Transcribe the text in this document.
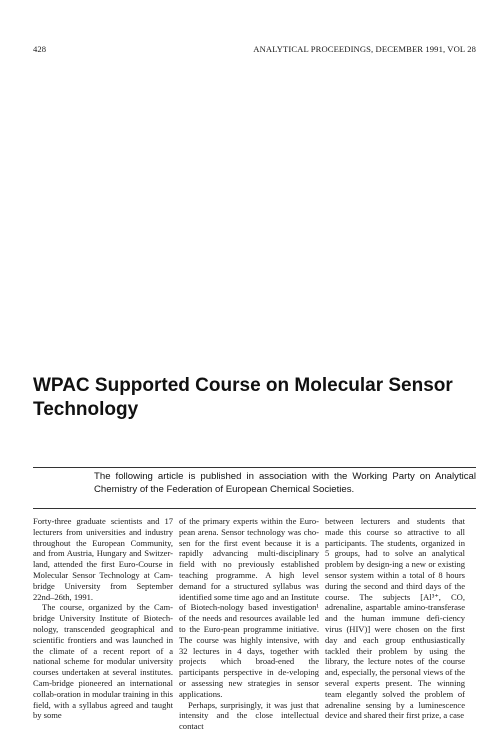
428	ANALYTICAL PROCEEDINGS, DECEMBER 1991, VOL 28
WPAC Supported Course on Molecular Sensor Technology

The following article is published in association with the Working Party on Analytical Chemistry of the Federation of European Chemical Societies.

Forty-three graduate scientists and 17 lecturers from universities and industry throughout the European Community, and from Austria, Hungary and Switzer-land, attended the first Euro-Course in Molecular Sensor Technology at Cam-bridge University from September 22nd–26th, 1991.

The course, organized by the Cam-bridge University Institute of Biotech-nology, transcended geographical and scientific frontiers and was launched in the climate of a recent report of a national scheme for modular university courses undertaken at several institutes. Cam-bridge pioneered an international collab-oration in modular training in this field, with a syllabus agreed and taught by some

of the primary experts within the Euro-pean arena. Sensor technology was cho-sen for the first event because it is a rapidly advancing multi-disciplinary field with no previously established teaching programme. A high level demand for a structured syllabus was identified some time ago and an Institute of Biotech-nology based investigation¹ of the needs and resources available led to the Euro-pean programme initiative. The course was highly intensive, with 32 lectures in 4 days, together with projects which broad-ened the participants perspective in de-veloping or assessing new strategies in sensor applications.

Perhaps, surprisingly, it was just that intensity and the close intellectual contact

between lecturers and students that made this course so attractive to all participants. The students, organized in 5 groups, had to solve an analytical problem by design-ing a new or existing sensor system within a total of 8 hours during the second and third days of the course. The subjects [Al³⁺, CO, adrenaline, aspartable amino-transferase and the human immune defi-ciency virus (HIV)] were chosen on the first day and each group enthusiastically tackled their problem by using the library, the lecture notes of the course and, especially, the personal views of the several experts present. The winning team elegantly solved the problem of adrenaline sensing by a luminescence device and shared their first prize, a case
